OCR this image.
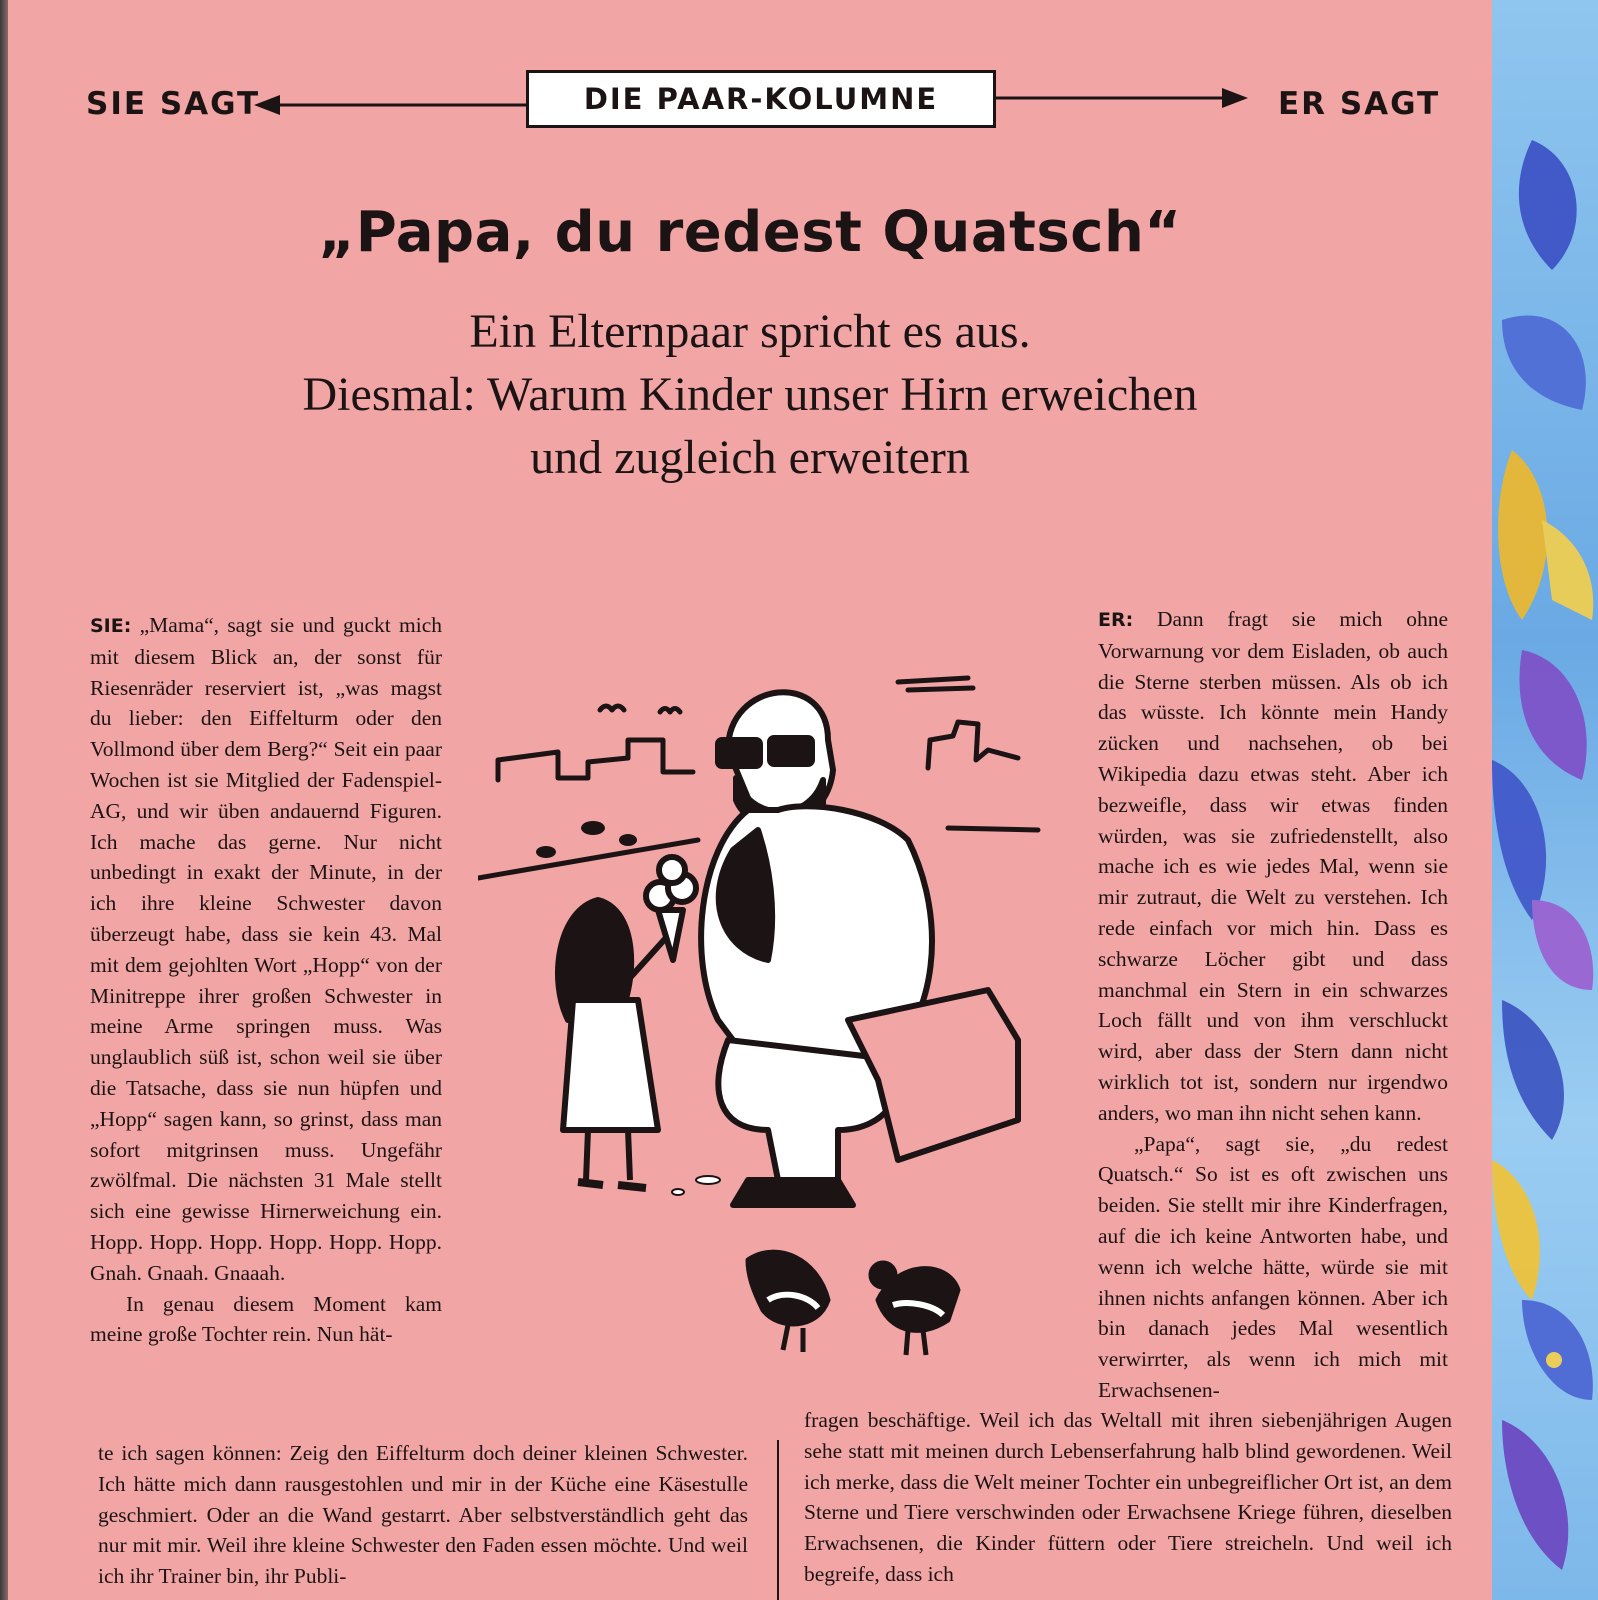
SIE SAGT	DIE PAAR-KOLUMNE	ER SAGT
„Papa, du redest Quatsch“
Ein Elternpaar spricht es aus.
Diesmal: Warum Kinder unser Hirn erweichen
und zugleich erweitern

SIE: „Mama“, sagt sie und guckt mich mit diesem Blick an, der sonst für Riesenräder reserviert ist, „was magst du lieber: den Eiffelturm oder den Vollmond über dem Berg?“ Seit ein paar Wochen ist sie Mitglied der Fadenspiel-AG, und wir üben andauernd Figuren. Ich mache das gerne. Nur nicht unbedingt in exakt der Minute, in der ich ihre kleine Schwester davon überzeugt habe, dass sie kein 43. Mal mit dem gejohlten Wort „Hopp“ von der Minitreppe ihrer großen Schwester in meine Arme springen muss. Was unglaublich süß ist, schon weil sie über die Tatsache, dass sie nun hüpfen und „Hopp“ sagen kann, so grinst, dass man sofort mitgrinsen muss. Ungefähr zwölfmal. Die nächsten 31 Male stellt sich eine gewisse Hirnerweichung ein. Hopp. Hopp. Hopp. Hopp. Hopp. Hopp. Gnah. Gnaah. Gnaaah.

In genau diesem Moment kam meine große Tochter rein. Nun hät-

ER: Dann fragt sie mich ohne Vorwarnung vor dem Eisladen, ob auch die Sterne sterben müssen. Als ob ich das wüsste. Ich könnte mein Handy zücken und nachsehen, ob bei Wikipedia dazu etwas steht. Aber ich bezweifle, dass wir etwas finden würden, was sie zufriedenstellt, also mache ich es wie jedes Mal, wenn sie mir zutraut, die Welt zu verstehen. Ich rede einfach vor mich hin. Dass es schwarze Löcher gibt und dass manchmal ein Stern in ein schwarzes Loch fällt und von ihm verschluckt wird, aber dass der Stern dann nicht wirklich tot ist, sondern nur irgendwo anders, wo man ihn nicht sehen kann.

„Papa“, sagt sie, „du redest Quatsch.“ So ist es oft zwischen uns beiden. Sie stellt mir ihre Kinderfragen, auf die ich keine Antworten habe, und wenn ich welche hätte, würde sie mit ihnen nichts anfangen können. Aber ich bin danach jedes Mal wesentlich verwirrter, als wenn ich mich mit Erwachsenen-

te ich sagen können: Zeig den Eiffelturm doch deiner kleinen Schwester. Ich hätte mich dann rausgestohlen und mir in der Küche eine Käsestulle geschmiert. Oder an die Wand gestarrt. Aber selbstverständlich geht das nur mit mir. Weil ihre kleine Schwester den Faden essen möchte. Und weil ich ihr Trainer bin, ihr Publi-
fragen beschäftige. Weil ich das Weltall mit ihren siebenjährigen Augen sehe statt mit meinen durch Lebenserfahrung halb blind gewordenen. Weil ich merke, dass die Welt meiner Tochter ein unbegreiflicher Ort ist, an dem Sterne und Tiere verschwinden oder Erwachsene Kriege führen, dieselben Erwachsenen, die Kinder füttern oder Tiere streicheln. Und weil ich begreife, dass ich
